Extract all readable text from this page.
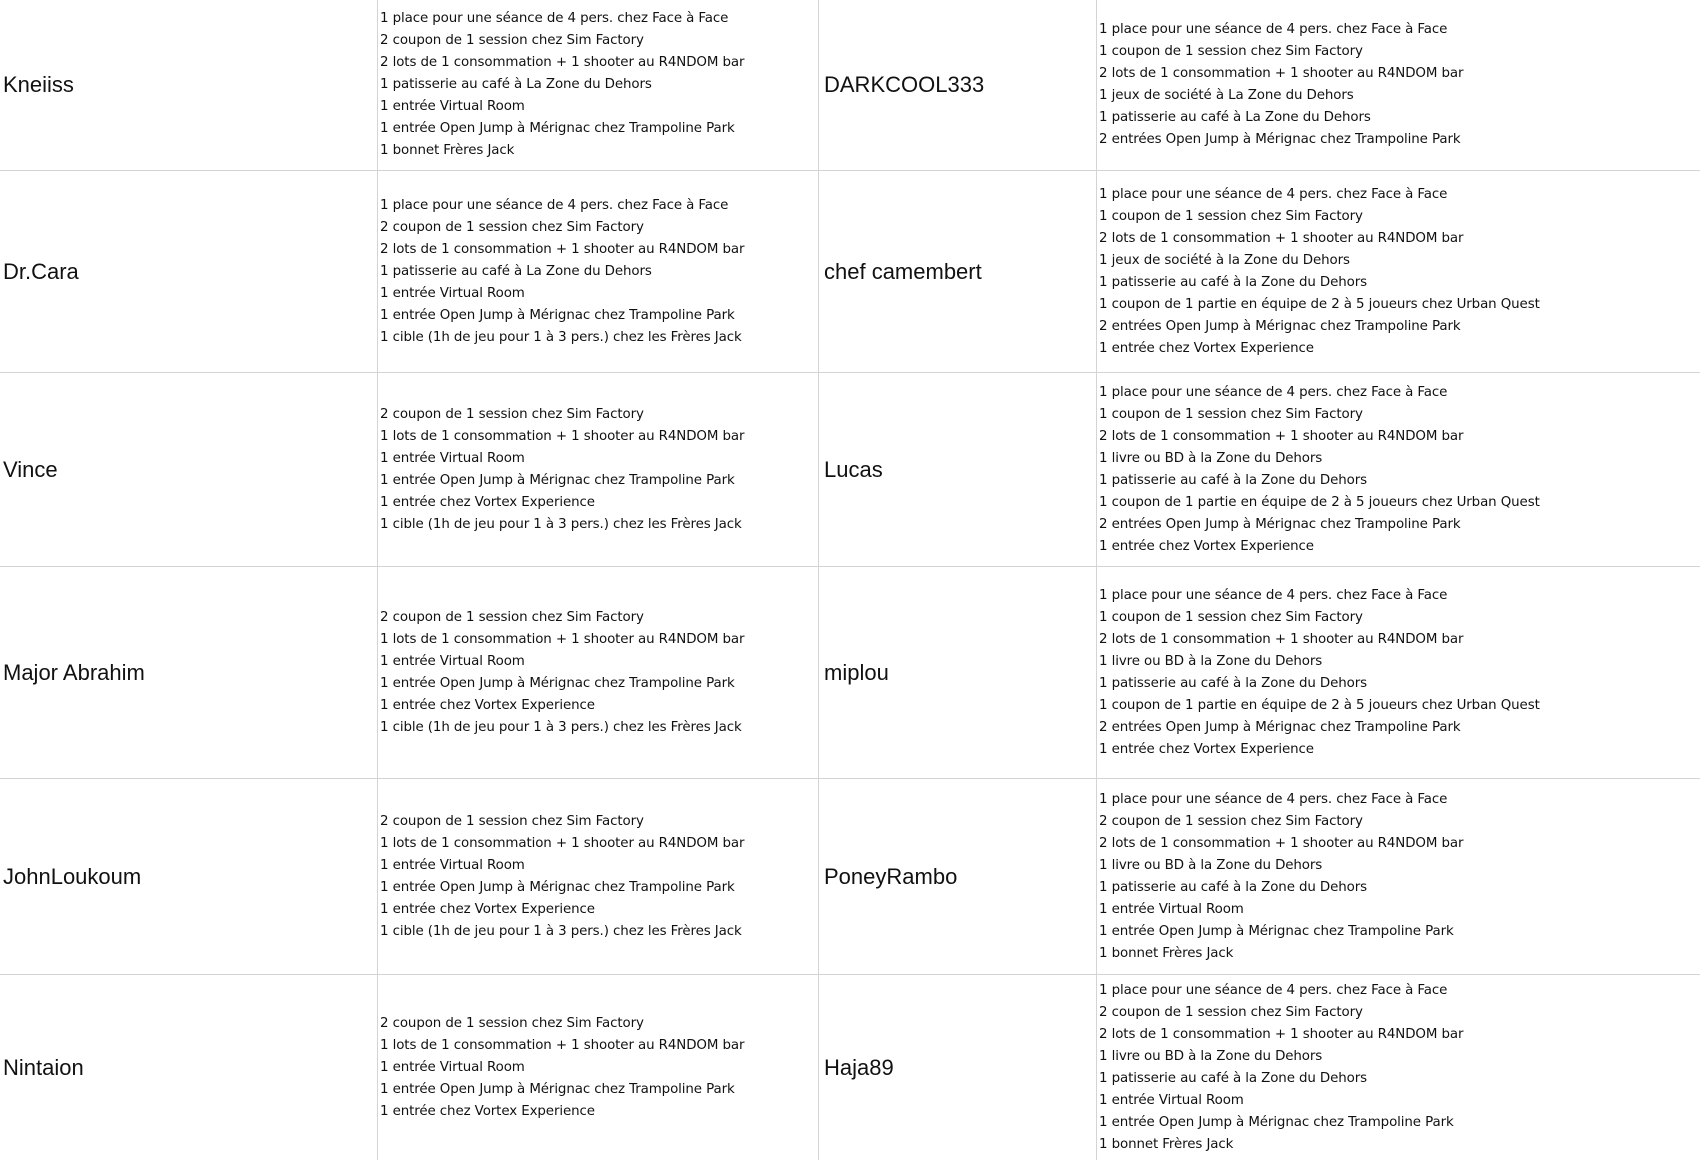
Kneiiss
1 place pour une séance de 4 pers. chez Face à Face
2 coupon de 1 session chez Sim Factory
2 lots de 1 consommation + 1 shooter au R4NDOM bar
1 patisserie au café à La Zone du Dehors
1 entrée Virtual Room
1 entrée Open Jump à Mérignac chez Trampoline Park
1 bonnet Frères Jack
DARKCOOL333
1 place pour une séance de 4 pers. chez Face à Face
1 coupon de 1 session chez Sim Factory
2 lots de 1 consommation + 1 shooter au R4NDOM bar
1 jeux de société à La Zone du Dehors
1 patisserie au café à La Zone du Dehors
2 entrées Open Jump à Mérignac chez Trampoline Park
Dr.Cara
1 place pour une séance de 4 pers. chez Face à Face
2 coupon de 1 session chez Sim Factory
2 lots de 1 consommation + 1 shooter au R4NDOM bar
1 patisserie au café à La Zone du Dehors
1 entrée Virtual Room
1 entrée Open Jump à Mérignac chez Trampoline Park
1 cible (1h de jeu pour 1 à 3 pers.) chez les Frères Jack
chef camembert
1 place pour une séance de 4 pers. chez Face à Face
1 coupon de 1 session chez Sim Factory
2 lots de 1 consommation + 1 shooter au R4NDOM bar
1 jeux de société à la Zone du Dehors
1 patisserie au café à la Zone du Dehors
1 coupon de 1 partie en équipe de 2 à 5 joueurs chez Urban Quest
2 entrées Open Jump à Mérignac chez Trampoline Park
1 entrée chez Vortex Experience
Vince
2 coupon de 1 session chez Sim Factory
1 lots de 1 consommation + 1 shooter au R4NDOM bar
1 entrée Virtual Room
1 entrée Open Jump à Mérignac chez Trampoline Park
1 entrée chez Vortex Experience
1 cible (1h de jeu pour 1 à 3 pers.) chez les Frères Jack
Lucas
1 place pour une séance de 4 pers. chez Face à Face
1 coupon de 1 session chez Sim Factory
2 lots de 1 consommation + 1 shooter au R4NDOM bar
1 livre ou BD à la Zone du Dehors
1 patisserie au café à la Zone du Dehors
1 coupon de 1 partie en équipe de 2 à 5 joueurs chez Urban Quest
2 entrées Open Jump à Mérignac chez Trampoline Park
1 entrée chez Vortex Experience
Major Abrahim
2 coupon de 1 session chez Sim Factory
1 lots de 1 consommation + 1 shooter au R4NDOM bar
1 entrée Virtual Room
1 entrée Open Jump à Mérignac chez Trampoline Park
1 entrée chez Vortex Experience
1 cible (1h de jeu pour 1 à 3 pers.) chez les Frères Jack
miplou
1 place pour une séance de 4 pers. chez Face à Face
1 coupon de 1 session chez Sim Factory
2 lots de 1 consommation + 1 shooter au R4NDOM bar
1 livre ou BD à la Zone du Dehors
1 patisserie au café à la Zone du Dehors
1 coupon de 1 partie en équipe de 2 à 5 joueurs chez Urban Quest
2 entrées Open Jump à Mérignac chez Trampoline Park
1 entrée chez Vortex Experience
JohnLoukoum
2 coupon de 1 session chez Sim Factory
1 lots de 1 consommation + 1 shooter au R4NDOM bar
1 entrée Virtual Room
1 entrée Open Jump à Mérignac chez Trampoline Park
1 entrée chez Vortex Experience
1 cible (1h de jeu pour 1 à 3 pers.) chez les Frères Jack
PoneyRambo
1 place pour une séance de 4 pers. chez Face à Face
2 coupon de 1 session chez Sim Factory
2 lots de 1 consommation + 1 shooter au R4NDOM bar
1 livre ou BD à la Zone du Dehors
1 patisserie au café à la Zone du Dehors
1 entrée Virtual Room
1 entrée Open Jump à Mérignac chez Trampoline Park
1 bonnet Frères Jack
Nintaion
2 coupon de 1 session chez Sim Factory
1 lots de 1 consommation + 1 shooter au R4NDOM bar
1 entrée Virtual Room
1 entrée Open Jump à Mérignac chez Trampoline Park
1 entrée chez Vortex Experience
Haja89
1 place pour une séance de 4 pers. chez Face à Face
2 coupon de 1 session chez Sim Factory
2 lots de 1 consommation + 1 shooter au R4NDOM bar
1 livre ou BD à la Zone du Dehors
1 patisserie au café à la Zone du Dehors
1 entrée Virtual Room
1 entrée Open Jump à Mérignac chez Trampoline Park
1 bonnet Frères Jack
